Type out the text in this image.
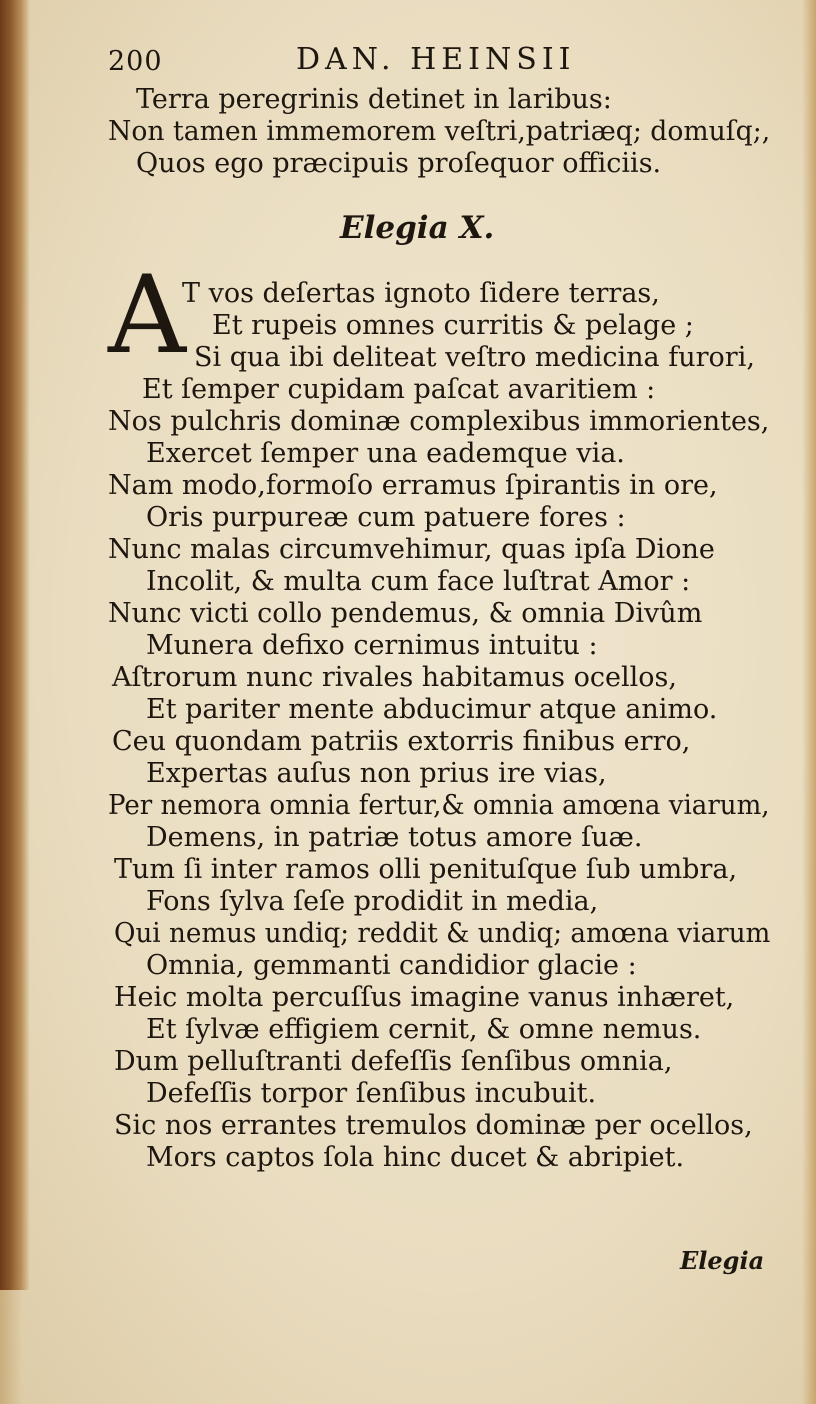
200	DAN. HEINSII
Terra peregrinis detinet in laribus:
Non tamen immemorem veſtri,patriæq; domuſq;,
Quos ego præcipuis proſequor officiis.
Elegia X.
A
T vos deſertas ignoto ſidere terras,
Et rupeis omnes curritis & pelage ;
Si qua ibi deliteat veſtro medicina furori,
Et ſemper cupidam paſcat avaritiem :
Nos pulchris dominæ complexibus immorientes,
Exercet ſemper una eademque via.
Nam modo,formoſo erramus ſpirantis in ore,
Oris purpureæ cum patuere fores :
Nunc malas circumvehimur, quas ipſa Dione
Incolit, & multa cum face luſtrat Amor :
Nunc victi collo pendemus, & omnia Divûm
Munera defixo cernimus intuitu :
Aſtrorum nunc rivales habitamus ocellos,
Et pariter mente abducimur atque animo.
Ceu quondam patriis extorris finibus erro,
Expertas auſus non prius ire vias,
Per nemora omnia fertur,& omnia amœna viarum,
Demens, in patriæ totus amore ſuæ.
Tum ſi inter ramos olli penituſque ſub umbra,
Fons ſylva ſeſe prodidit in media,
Qui nemus undiq; reddit & undiq; amœna viarum
Omnia, gemmanti candidior glacie :
Heic molta percuſſus imagine vanus inhæret,
Et ſylvæ effigiem cernit, & omne nemus.
Dum pelluſtranti defeſſis ſenſibus omnia,
Defeſſis torpor ſenſibus incubuit.
Sic nos errantes tremulos dominæ per ocellos,
Mors captos ſola hinc ducet & abripiet.
Elegia
